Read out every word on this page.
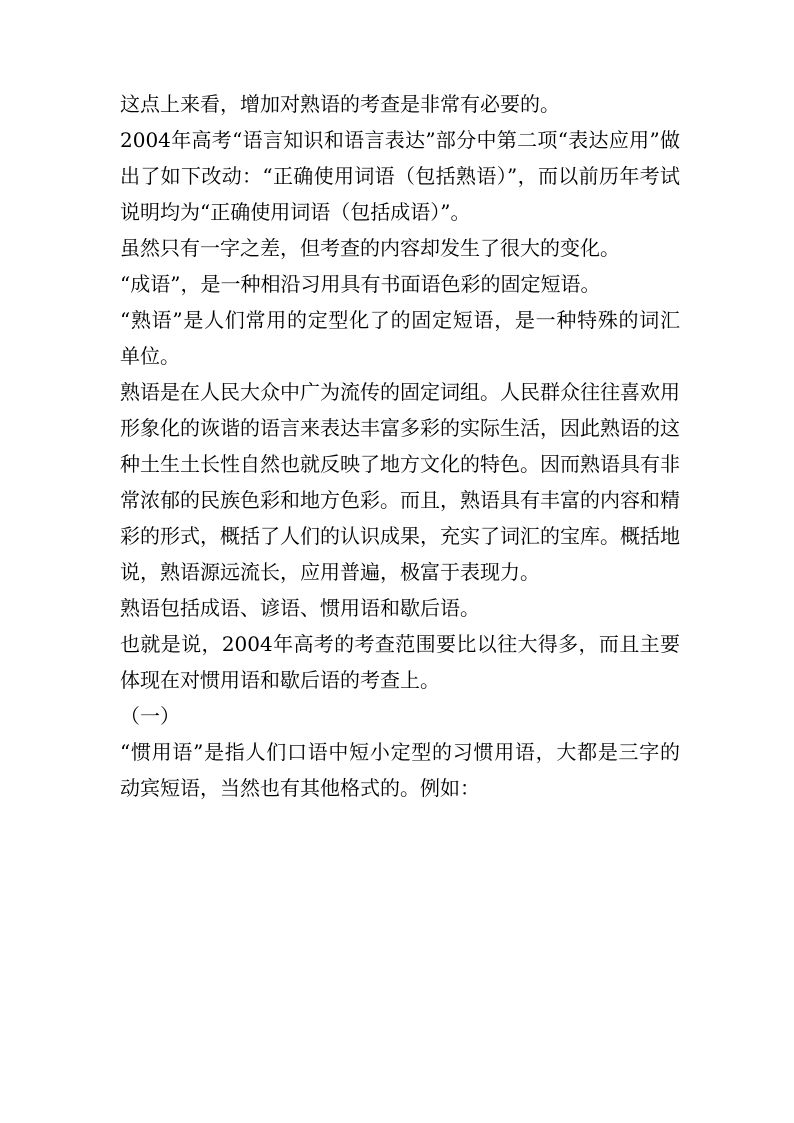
这点上来看，增加对熟语的考查是非常有必要的。

2004年高考“语言知识和语言表达”部分中第二项“表达应用”做出了如下改动：“正确使用词语（包括熟语）”，而以前历年考试说明均为“正确使用词语（包括成语）”。

虽然只有一字之差，但考查的内容却发生了很大的变化。

“成语”，是一种相沿习用具有书面语色彩的固定短语。

“熟语”是人们常用的定型化了的固定短语，是一种特殊的词汇单位。

熟语是在人民大众中广为流传的固定词组。人民群众往往喜欢用形象化的诙谐的语言来表达丰富多彩的实际生活，因此熟语的这种土生土长性自然也就反映了地方文化的特色。因而熟语具有非常浓郁的民族色彩和地方色彩。而且，熟语具有丰富的内容和精彩的形式，概括了人们的认识成果，充实了词汇的宝库。概括地说，熟语源远流长，应用普遍，极富于表现力。

熟语包括成语、谚语、惯用语和歇后语。

也就是说，2004年高考的考查范围要比以往大得多，而且主要体现在对惯用语和歇后语的考查上。

（一）

“惯用语”是指人们口语中短小定型的习惯用语，大都是三字的动宾短语，当然也有其他格式的。例如：
